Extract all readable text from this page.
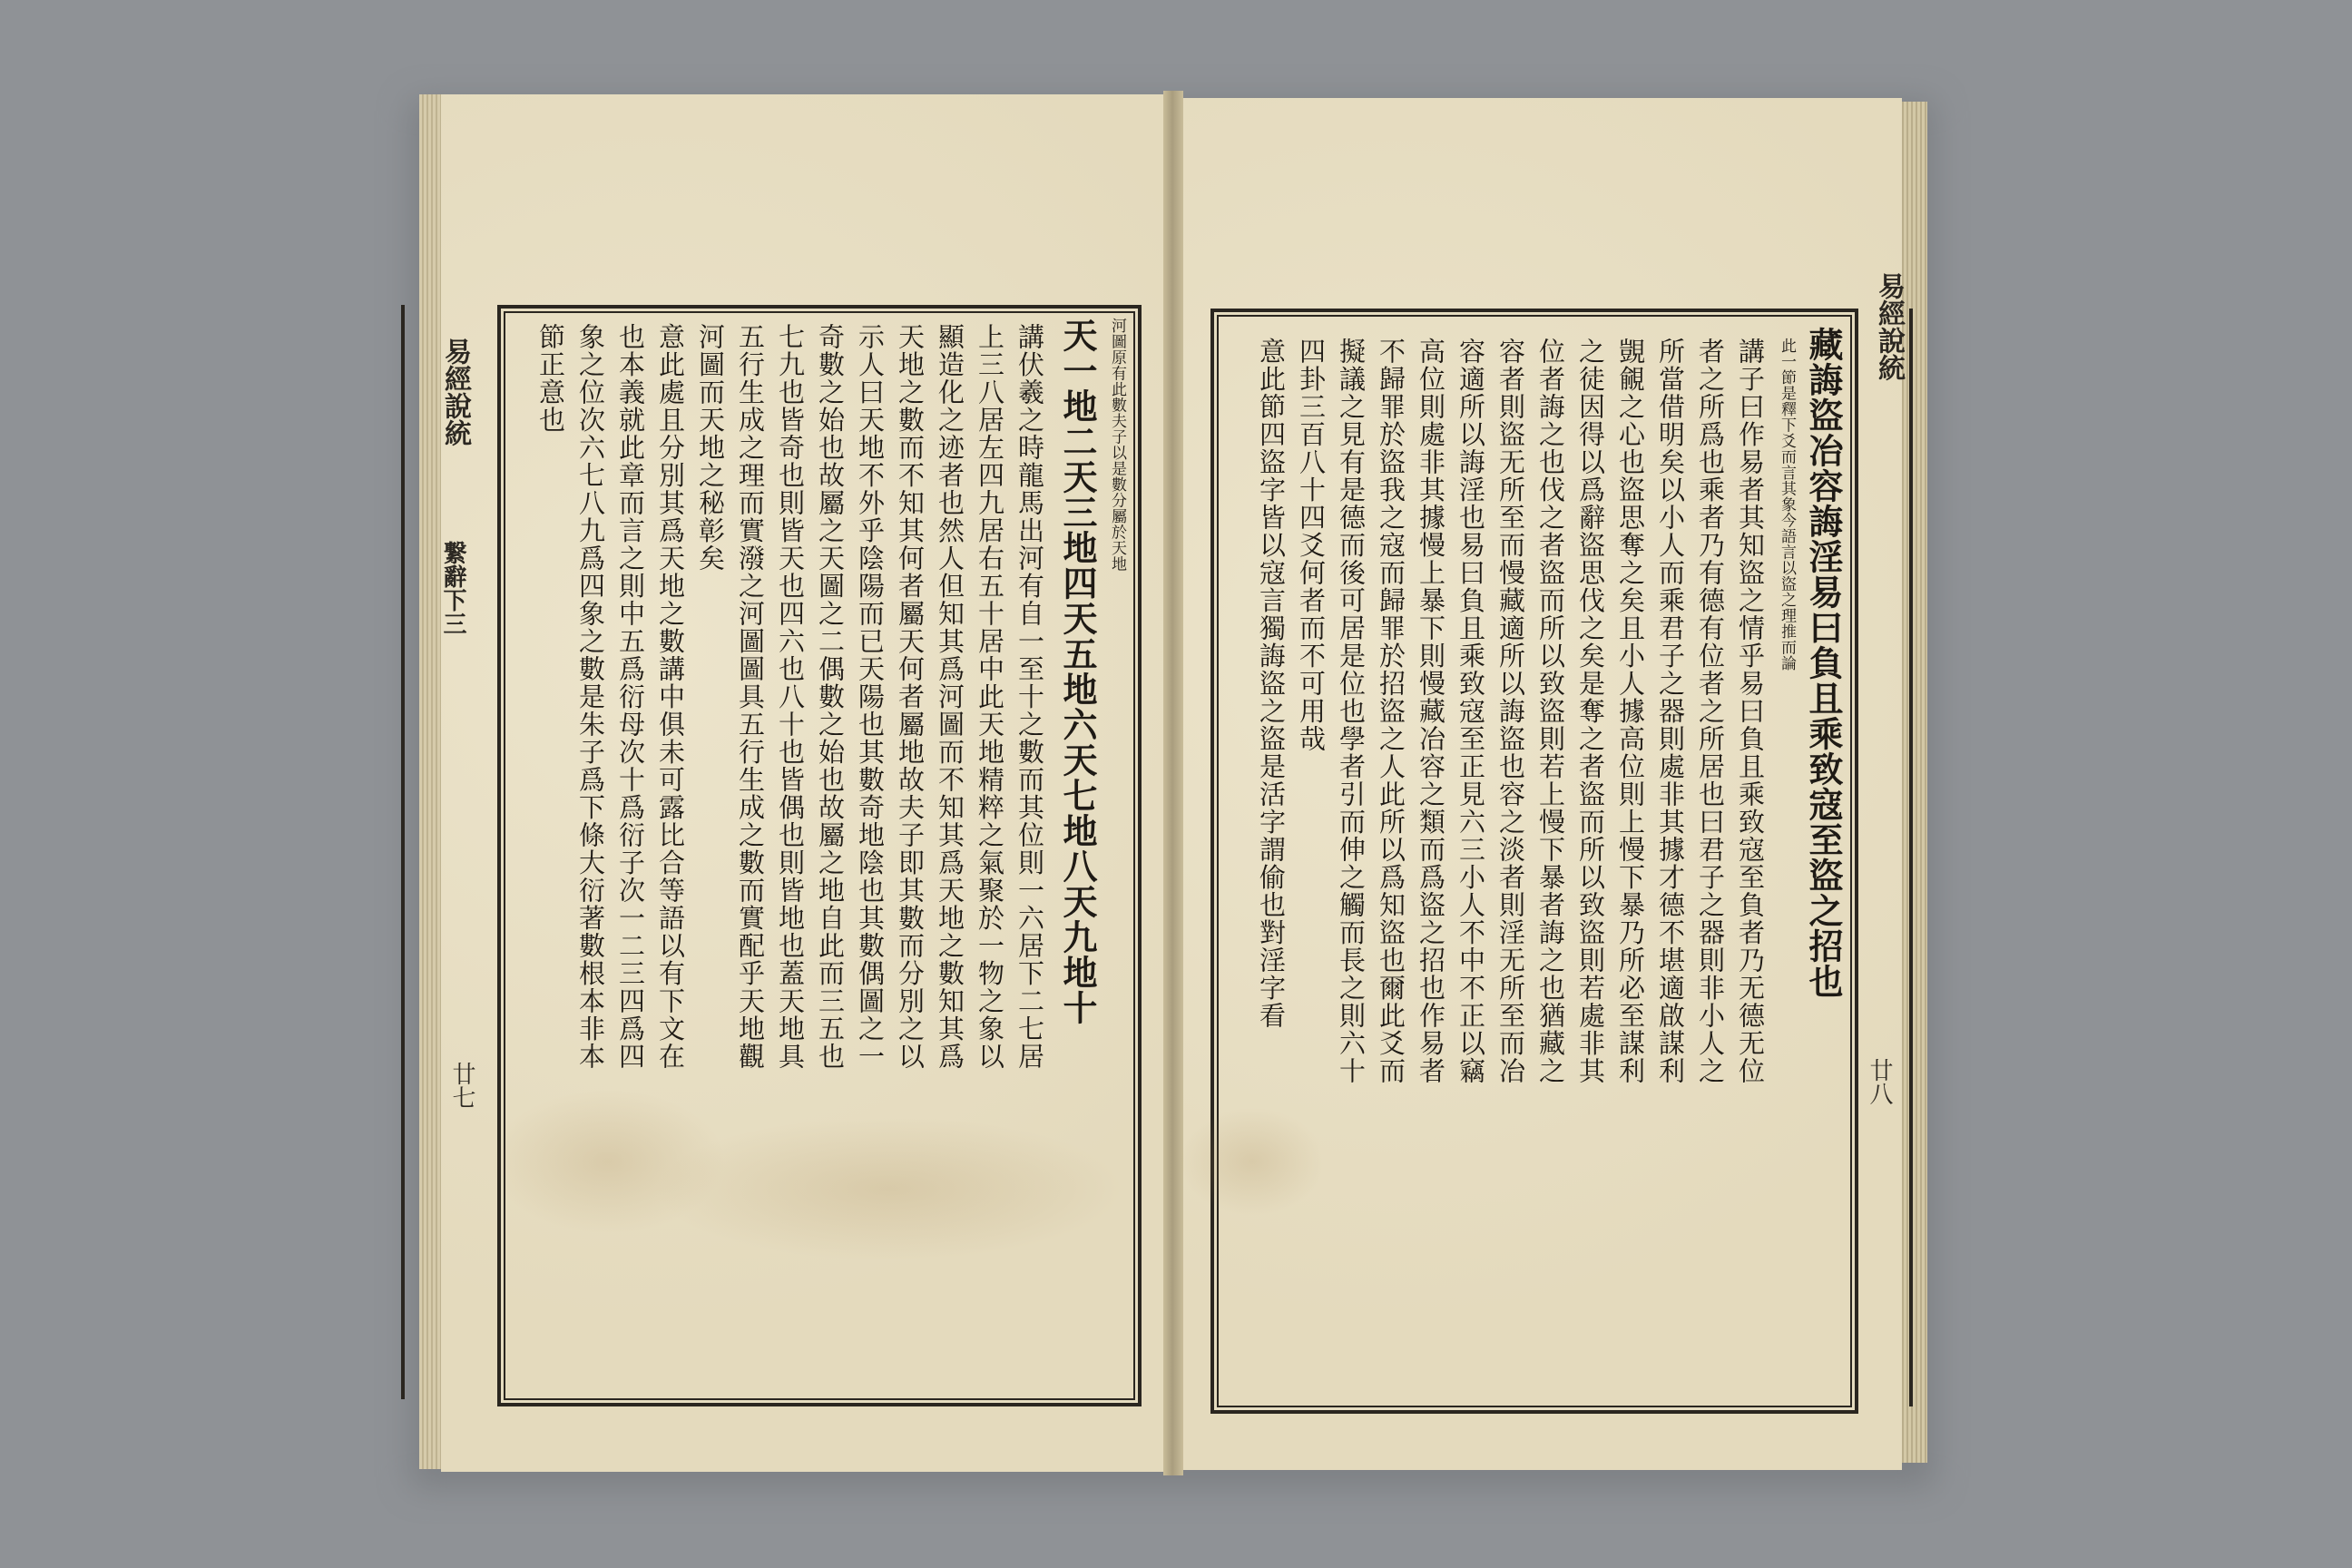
易經說統
繋辭下三
廿七
河圖原有此數夫子以是數分屬於天地
天一地二天三地四天五地六天七地八天九地十
講伏羲之時龍馬出河有自一至十之數而其位則一六居下二七居
上三八居左四九居右五十居中此天地精粹之氣聚於一物之象以
顯造化之迹者也然人但知其爲河圖而不知其爲天地之數知其爲
天地之數而不知其何者屬天何者屬地故夫子即其數而分別之以
示人曰天地不外乎陰陽而已天陽也其數奇地陰也其數偶圖之一
奇數之始也故屬之天圖之二偶數之始也故屬之地自此而三五也
七九也皆奇也則皆天也四六也八十也皆偶也則皆地也蓋天地具
五行生成之理而實潑之河圖圖具五行生成之數而實配乎天地觀
河圖而天地之秘彰矣
意此處且分別其爲天地之數講中俱未可露比合等語以有下文在
也本義就此章而言之則中五爲衍母次十爲衍子次一二三四爲四
象之位次六七八九爲四象之數是朱子爲下條大衍著數根本非本
節正意也	易經說統
廿八
藏誨盜冶容誨淫易曰負且乘致寇至盜之招也
此一節是釋下爻而言其象今語言以盜之理推而論
講子曰作易者其知盜之情乎易曰負且乘致寇至負者乃无德无位
者之所爲也乘者乃有德有位者之所居也曰君子之器則非小人之
所當借明矣以小人而乘君子之器則處非其據才德不堪適啟謀利
覬覦之心也盜思奪之矣且小人據高位則上慢下暴乃所必至謀利
之徒因得以爲辭盜思伐之矣是奪之者盜而所以致盜則若處非其
位者誨之也伐之者盜而所以致盜則若上慢下暴者誨之也猶藏之
容者則盜无所至而慢藏適所以誨盜也容之淡者則淫无所至而冶
容適所以誨淫也易曰負且乘致寇至正見六三小人不中不正以竊
高位則處非其據慢上暴下則慢藏冶容之類而爲盜之招也作易者
不歸罪於盜我之寇而歸罪於招盜之人此所以爲知盜也爾此爻而
擬議之見有是德而後可居是位也學者引而伸之觸而長之則六十
四卦三百八十四爻何者而不可用哉
意此節四盜字皆以寇言獨誨盜之盜是活字謂偷也對淫字看
